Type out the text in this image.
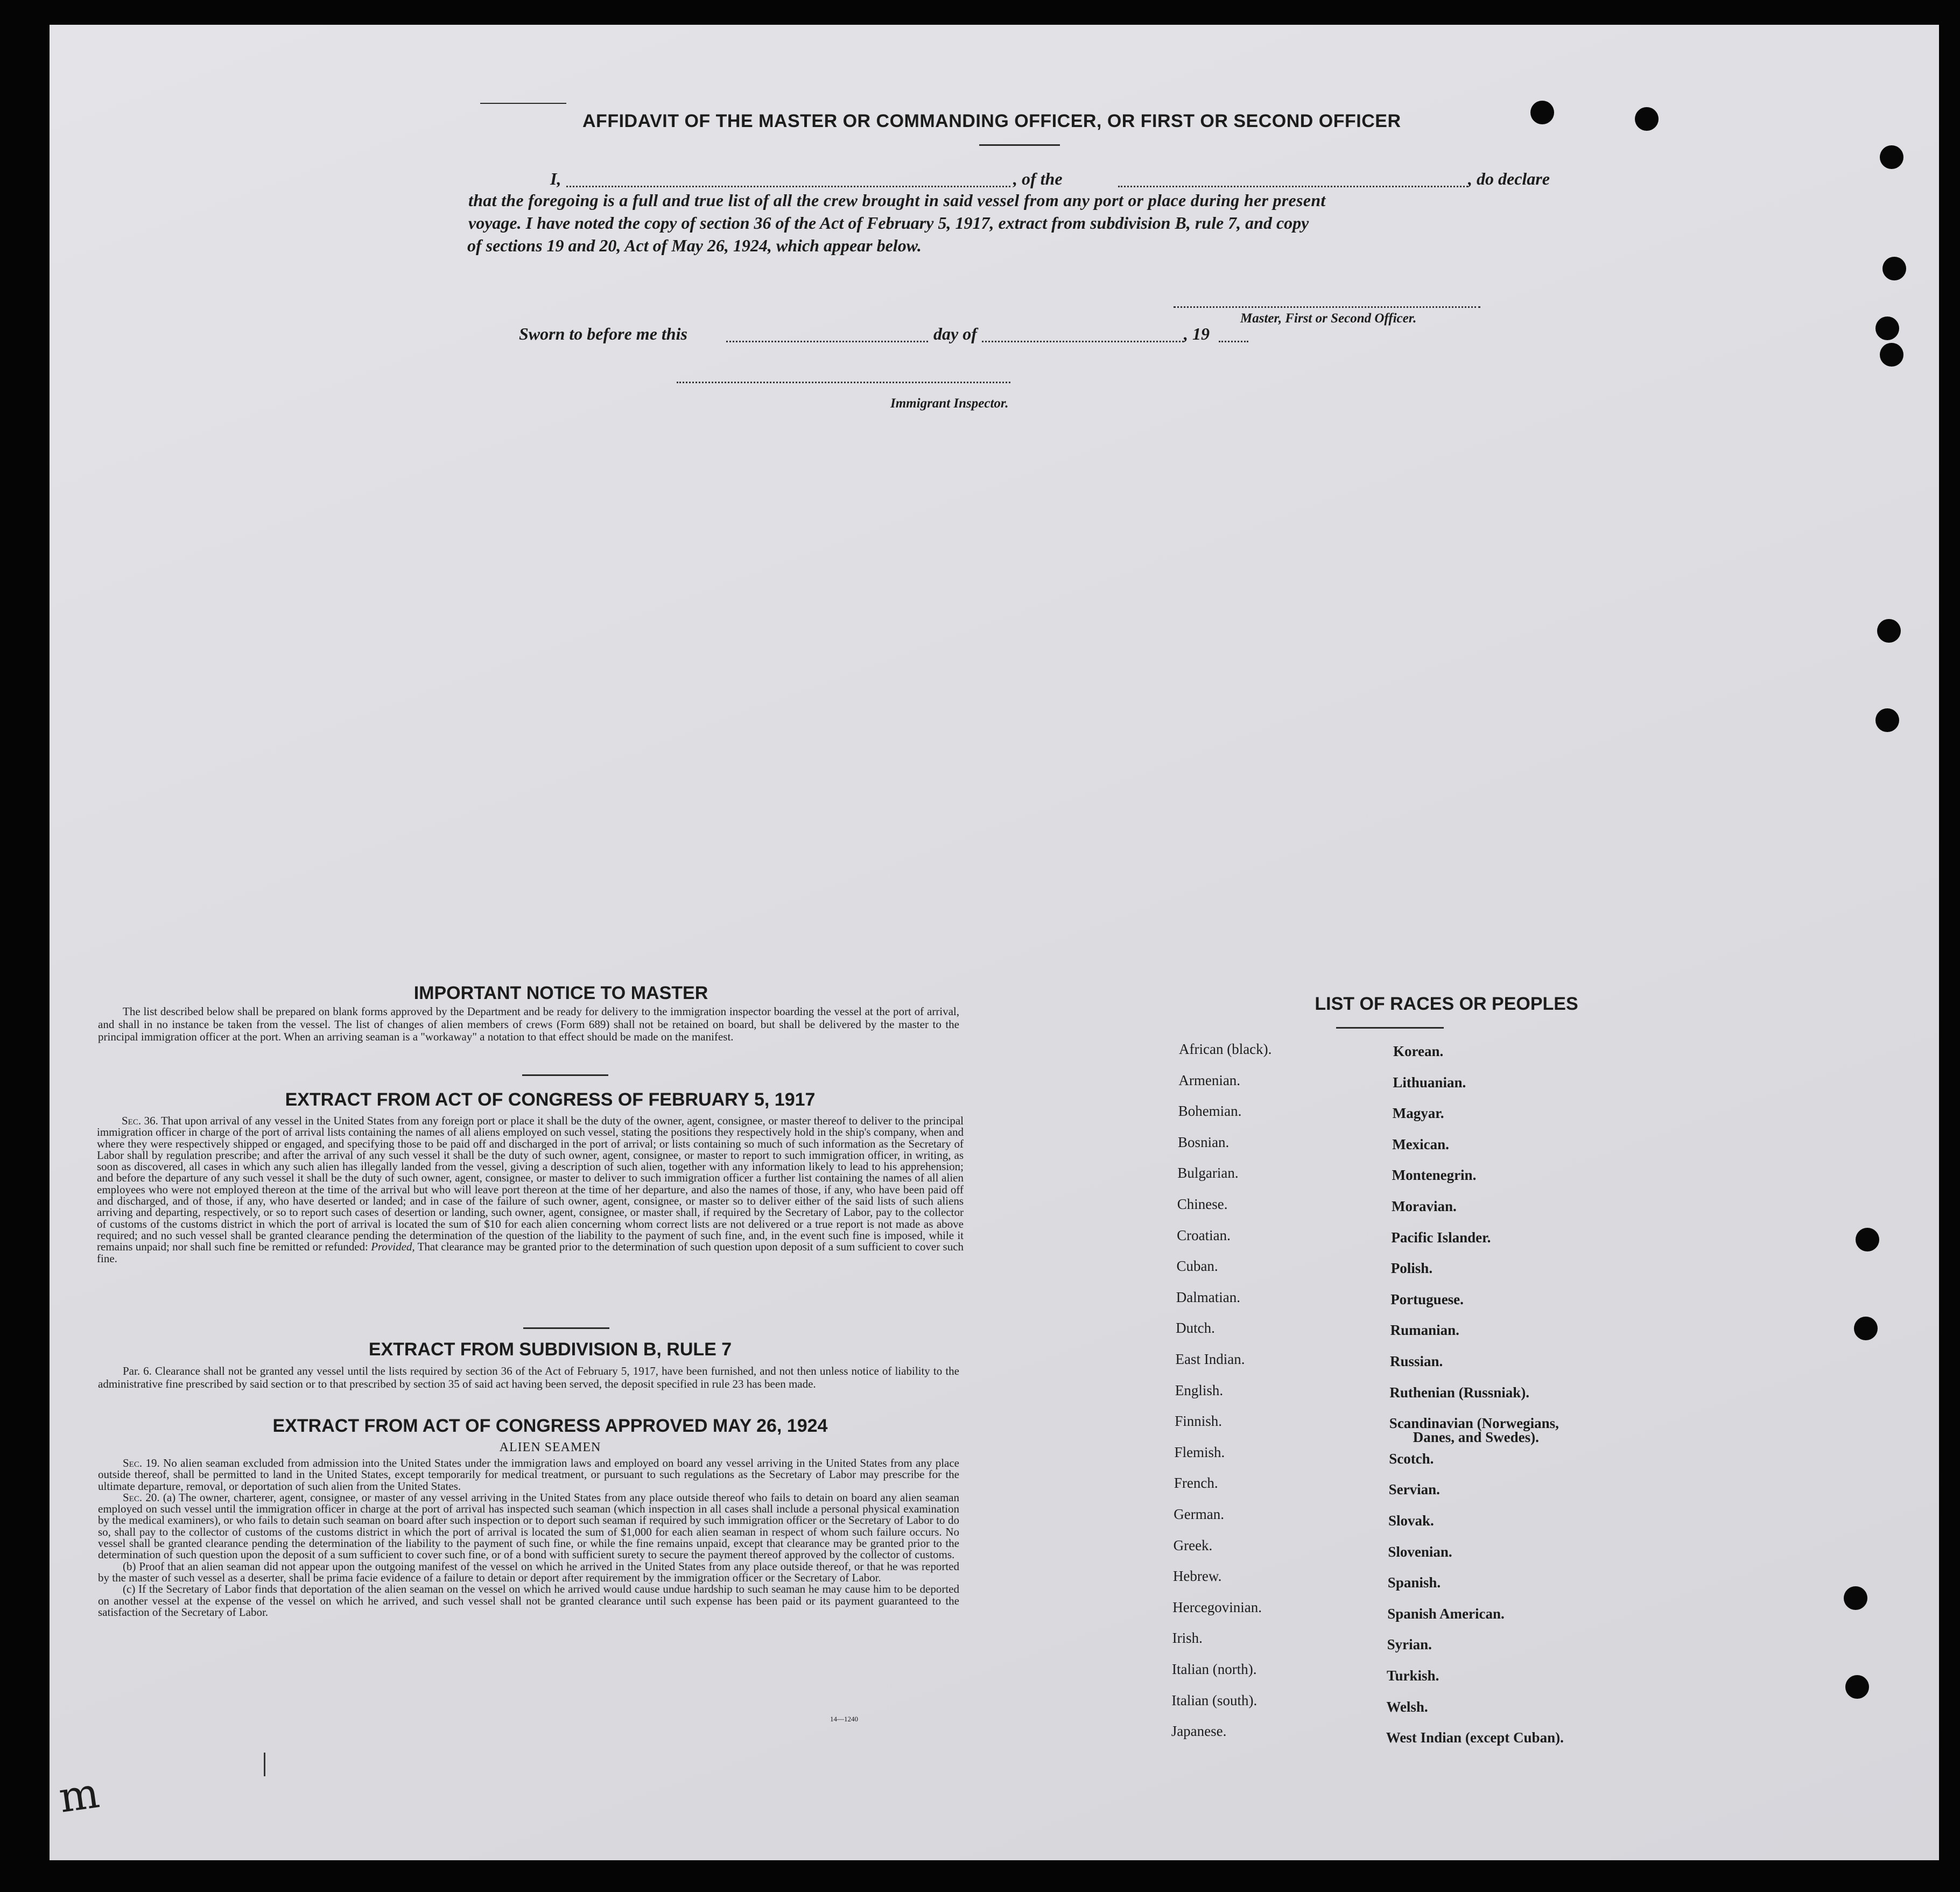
AFFIDAVIT OF THE MASTER OR COMMANDING OFFICER, OR FIRST OR SECOND OFFICER
I,	, of the	, do declare
that the foregoing is a full and true list of all the crew brought in said vessel from any port or place during her present
voyage. I have noted the copy of section 36 of the Act of February 5, 1917, extract from subdivision B, rule 7, and copy
of sections 19 and 20, Act of May 26, 1924, which appear below.
Master, First or Second Officer.
Sworn to before me this	day of	, 19
Immigrant Inspector.
IMPORTANT NOTICE TO MASTER

The list described below shall be prepared on blank forms approved by the Department and be ready for delivery to the immigration inspector boarding the vessel at the port of arrival, and shall in no instance be taken from the vessel. The list of changes of alien members of crews (Form 689) shall not be retained on board, but shall be delivered by the master to the principal immigration officer at the port. When an arriving seaman is a "workaway" a notation to that effect should be made on the manifest.

EXTRACT FROM ACT OF CONGRESS OF FEBRUARY 5, 1917

Sec. 36. That upon arrival of any vessel in the United States from any foreign port or place it shall be the duty of the owner, agent, consignee, or master thereof to deliver to the principal immigration officer in charge of the port of arrival lists containing the names of all aliens employed on such vessel, stating the positions they respectively hold in the ship's company, when and where they were respectively shipped or engaged, and specifying those to be paid off and discharged in the port of arrival; or lists containing so much of such information as the Secretary of Labor shall by regulation prescribe; and after the arrival of any such vessel it shall be the duty of such owner, agent, consignee, or master to report to such immigration officer, in writing, as soon as discovered, all cases in which any such alien has illegally landed from the vessel, giving a description of such alien, together with any information likely to lead to his apprehension; and before the departure of any such vessel it shall be the duty of such owner, agent, consignee, or master to deliver to such immigration officer a further list containing the names of all alien employees who were not employed thereon at the time of the arrival but who will leave port thereon at the time of her departure, and also the names of those, if any, who have been paid off and discharged, and of those, if any, who have deserted or landed; and in case of the failure of such owner, agent, consignee, or master so to deliver either of the said lists of such aliens arriving and departing, respectively, or so to report such cases of desertion or landing, such owner, agent, consignee, or master shall, if required by the Secretary of Labor, pay to the collector of customs of the customs district in which the port of arrival is located the sum of $10 for each alien concerning whom correct lists are not delivered or a true report is not made as above required; and no such vessel shall be granted clearance pending the determination of the question of the liability to the payment of such fine, and, in the event such fine is imposed, while it remains unpaid; nor shall such fine be remitted or refunded: Provided, That clearance may be granted prior to the determination of such question upon deposit of a sum sufficient to cover such fine.

EXTRACT FROM SUBDIVISION B, RULE 7

Par. 6. Clearance shall not be granted any vessel until the lists required by section 36 of the Act of February 5, 1917, have been furnished, and not then unless notice of liability to the administrative fine prescribed by said section or to that prescribed by section 35 of said act having been served, the deposit specified in rule 23 has been made.

EXTRACT FROM ACT OF CONGRESS APPROVED MAY 26, 1924
ALIEN SEAMEN

Sec. 19. No alien seaman excluded from admission into the United States under the immigration laws and employed on board any vessel arriving in the United States from any place outside thereof, shall be permitted to land in the United States, except temporarily for medical treatment, or pursuant to such regulations as the Secretary of Labor may prescribe for the ultimate departure, removal, or deportation of such alien from the United States.

Sec. 20. (a) The owner, charterer, agent, consignee, or master of any vessel arriving in the United States from any place outside thereof who fails to detain on board any alien seaman employed on such vessel until the immigration officer in charge at the port of arrival has inspected such seaman (which inspection in all cases shall include a personal physical examination by the medical examiners), or who fails to detain such seaman on board after such inspection or to deport such seaman if required by such immigration officer or the Secretary of Labor to do so, shall pay to the collector of customs of the customs district in which the port of arrival is located the sum of $1,000 for each alien seaman in respect of whom such failure occurs. No vessel shall be granted clearance pending the determination of the liability to the payment of such fine, or while the fine remains unpaid, except that clearance may be granted prior to the determination of such question upon the deposit of a sum sufficient to cover such fine, or of a bond with sufficient surety to secure the payment thereof approved by the collector of customs.

(b) Proof that an alien seaman did not appear upon the outgoing manifest of the vessel on which he arrived in the United States from any place outside thereof, or that he was reported by the master of such vessel as a deserter, shall be prima facie evidence of a failure to detain or deport after requirement by the immigration officer or the Secretary of Labor.

(c) If the Secretary of Labor finds that deportation of the alien seaman on the vessel on which he arrived would cause undue hardship to such seaman he may cause him to be deported on another vessel at the expense of the vessel on which he arrived, and such vessel shall not be granted clearance until such expense has been paid or its payment guaranteed to the satisfaction of the Secretary of Labor.

14—1240
m
LIST OF RACES OR PEOPLES
African (black).
Armenian.
Bohemian.
Bosnian.
Bulgarian.
Chinese.
Croatian.
Cuban.
Dalmatian.
Dutch.
East Indian.
English.
Finnish.
Flemish.
French.
German.
Greek.
Hebrew.
Hercegovinian.
Irish.
Italian (north).
Italian (south).
Japanese.
Korean.
Lithuanian.
Magyar.
Mexican.
Montenegrin.
Moravian.
Pacific Islander.
Polish.
Portuguese.
Rumanian.
Russian.
Ruthenian (Russniak).
Scandinavian (Norwegians,
Danes, and Swedes).
Scotch.
Servian.
Slovak.
Slovenian.
Spanish.
Spanish American.
Syrian.
Turkish.
Welsh.
West Indian (except Cuban).
